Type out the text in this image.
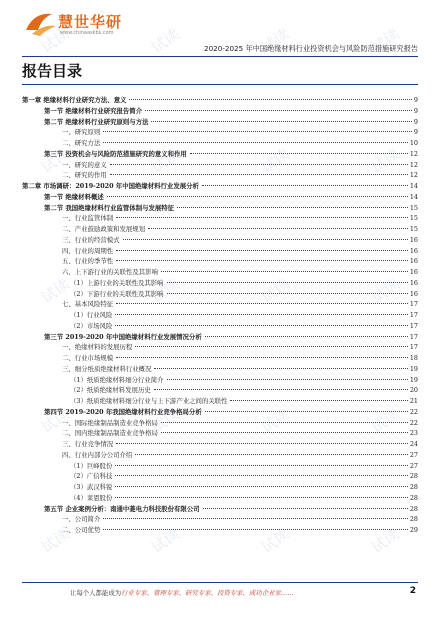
慧世华研
www.chinaaskbs.com
2020-2025 年中国绝缘材料行业投资机会与风险防范措施研究报告
报告目录
第一章 绝缘材料行业研究方法、意义	9
第一节 绝缘材料行业研究报告简介	9
第二节 绝缘材料行业研究原则与方法	9
一、研究原则	9
二、研究方法	10
第三节 投资机会与风险防范措施研究的意义和作用	12
一、研究的意义	12
二、研究的作用	12
第二章 市场调研：2019-2020 年中国绝缘材料行业发展分析	14
第一节 绝缘材料概述	14
第二节 我国绝缘材料行业监管体制与发展特征	15
一、行业监管体制	15
二、产业鼓励政策和发展规划	15
三、行业的经营模式	16
四、行业的周期性	16
五、行业的季节性	16
六、上下游行业的关联性及其影响	16
（1）上游行业的关联性及其影响	16
（2）下游行业的关联性及其影响	16
七、基本风险特征	17
（1）行业风险	17
（2）市场风险	17
第三节 2019-2020 年中国绝缘材料行业发展情况分析	17
一、绝缘材料的发展历程	17
二、行业市场规模	18
三、细分纸质绝缘材料行业概况	19
（1）纸质绝缘材料细分行业简介	19
（2）纸质绝缘材料发展历史	20
（3）纸质绝缘材料细分行业与上下游产业之间的关联性	21
第四节 2019-2020 年我国绝缘材料行业竞争格局分析	22
一、国际绝缘制品制造业竞争格局	22
二、国内绝缘制品制造业竞争格局	23
三、行业竞争情况	24
四、行业内部分公司介绍	27
（1）巨峰股份	27
（2）广信科技	28
（3）武汉科锐	28
（4）莱恩股份	28
第五节 企业案例分析：南通中菱电力科技股份有限公司	28
一、公司简介	28
二、公司优势	29
让每个人都能成为行业专家、管理专家、研究专家、投资专家、成功企业家……	2
试读	试读	试读	试读
试读	试读	试读	试读
试读	试读	试读	试读
试读	试读	试读	试读
试读	试读	试读	试读
